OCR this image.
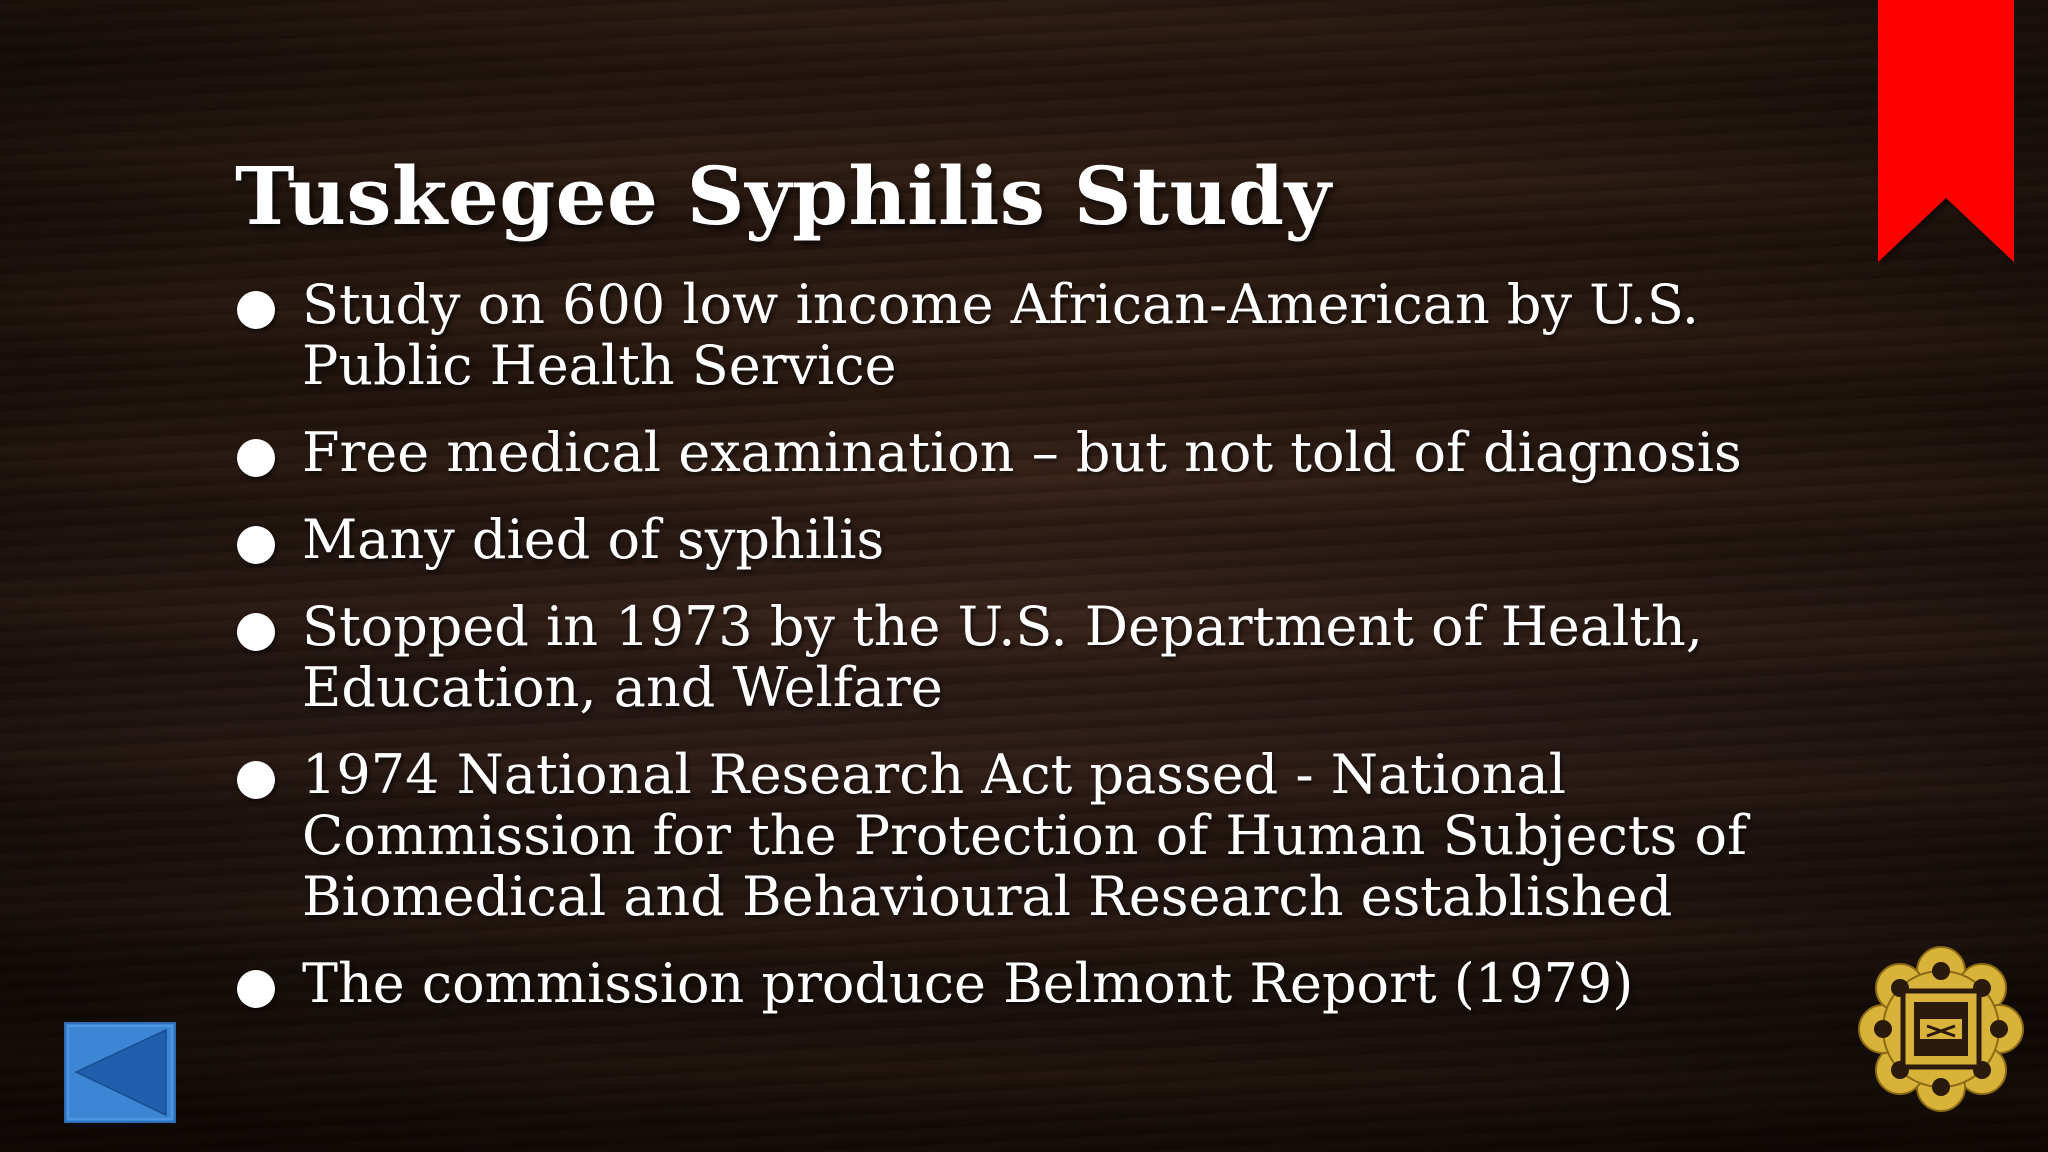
Tuskegee Syphilis Study
Study on 600 low income African-American by U.S. Public Health Service
Free medical examination – but not told of diagnosis
Many died of syphilis
Stopped in 1973 by the U.S. Department of Health, Education, and Welfare
1974 National Research Act passed - National Commission for the Protection of Human Subjects of Biomedical and Behavioural Research established
The commission produce Belmont Report (1979)
